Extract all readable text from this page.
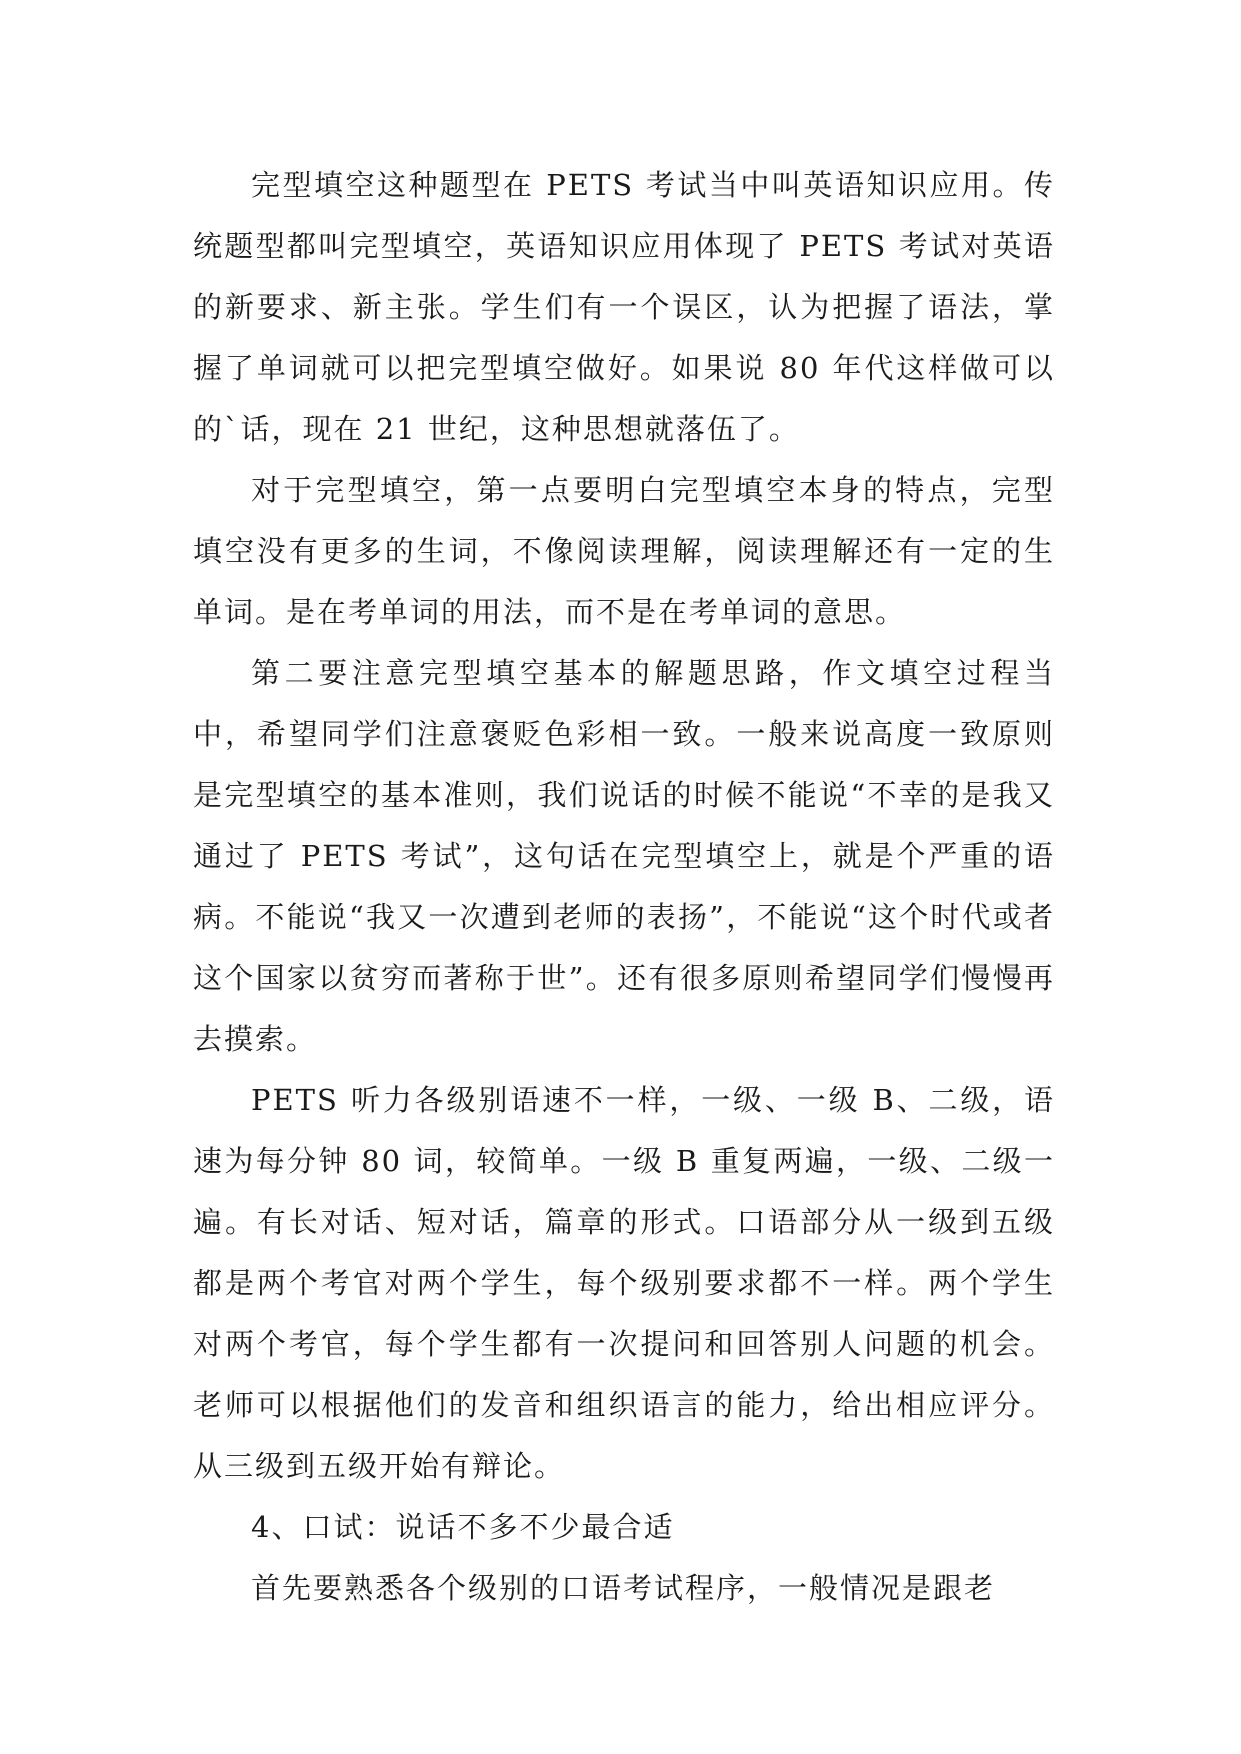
完型填空这种题型在 PETS 考试当中叫英语知识应用。传统题型都叫完型填空，英语知识应用体现了 PETS 考试对英语的新要求、新主张。学生们有一个误区，认为把握了语法，掌握了单词就可以把完型填空做好。如果说 80 年代这样做可以的`话，现在 21 世纪，这种思想就落伍了。

对于完型填空，第一点要明白完型填空本身的特点，完型填空没有更多的生词，不像阅读理解，阅读理解还有一定的生单词。是在考单词的用法，而不是在考单词的意思。

第二要注意完型填空基本的解题思路，作文填空过程当中，希望同学们注意褒贬色彩相一致。一般来说高度一致原则是完型填空的基本准则，我们说话的时候不能说“不幸的是我又通过了 PETS 考试”，这句话在完型填空上，就是个严重的语病。不能说“我又一次遭到老师的表扬”，不能说“这个时代或者这个国家以贫穷而著称于世”。还有很多原则希望同学们慢慢再去摸索。

PETS 听力各级别语速不一样，一级、一级 B、二级，语速为每分钟 80 词，较简单。一级 B 重复两遍，一级、二级一遍。有长对话、短对话，篇章的形式。口语部分从一级到五级都是两个考官对两个学生，每个级别要求都不一样。两个学生对两个考官，每个学生都有一次提问和回答别人问题的机会。老师可以根据他们的发音和组织语言的能力，给出相应评分。从三级到五级开始有辩论。

4、口试：说话不多不少最合适

首先要熟悉各个级别的口语考试程序，一般情况是跟老
